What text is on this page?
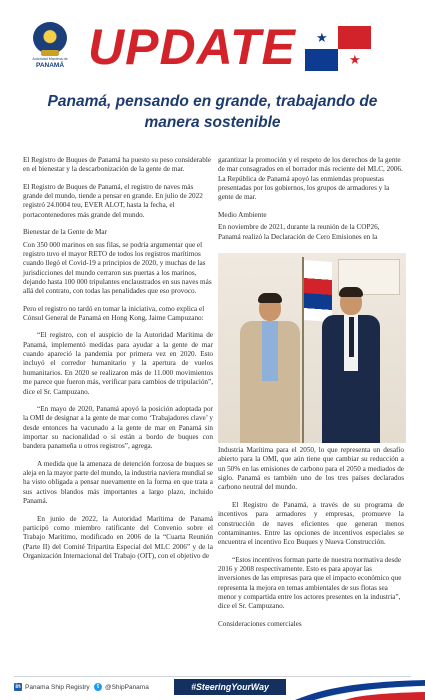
Autoridad Marítima de
PANAMÁ UPDATE ★
★
Panamá, pensando en grande, trabajando de manera sostenible

El Registro de Buques de Panamá ha puesto su peso considerable en el bienestar y la descarbonización de la gente de mar.

El Registro de Buques de Panamá, el registro de naves más grande del mundo, tiende a pensar en grande. En julio de 2022 registró 24.0004 teu, EVER ALOT, hasta la fecha, el portacontenedores más grande del mundo.

Bienestar de la Gente de Mar

Con 350 000 marinos en sus filas, se podría argumentar que el registro tuvo el mayor RETO de todos los registros marítimos cuando llegó el Covid-19 a principios de 2020, y muchas de las jurisdicciones del mundo cerraron sus puertas a los marinos, dejando hasta 100 000 tripulantes enclaustrados en sus naves más allá del contrato, con todas las penalidades que eso provoco.

Pero el registro no tardó en tomar la iniciativa, como explica el Cónsul General de Panamá en Hong Kong, Jaime Campuzano:

“El registro, con el auspicio de la Autoridad Marítima de Panamá, implementó medidas para ayudar a la gente de mar cuando apareció la pandemia por primera vez en 2020. Esto incluyó el corredor humanitario y la apertura de vuelos humanitarios. En 2020 se realizaron más de 11.000 movimientos me parece que fueron más, verificar para cambios de tripulación”, dice el Sr. Campuzano.

“En mayo de 2020, Panamá apoyó la posición adoptada por la OMI de designar a la gente de mar como ‘Trabajadores clave’ y desde entonces ha vacunado a la gente de mar en Panamá sin importar su nacionalidad o si están a bordo de buques con bandera panameña u otros registros”, agrega.

A medida que la amenaza de detención forzosa de buques se aleja en la mayor parte del mundo, la industria naviera mundial se ha visto obligada a pensar nuevamente en la forma en que trata a sus activos blandos más importantes a largo plazo, incluido Panamá.

En junio de 2022, la Autoridad Marítima de Panamá participó como miembro ratificante del Convenio sobre el Trabajo Marítimo, modificado en 2006 de la “Cuarta Reunión (Parte II) del Comité Tripartita Especial del MLC 2006” y de la Organización Internacional del Trabajo (OIT), con el objetivo de

garantizar la promoción y el respeto de los derechos de la gente de mar consagrados en el borrador más reciente del MLC, 2006. La República de Panamá apoyó las enmiendas propuestas presentadas por los gobiernos, los grupos de armadores y la gente de mar.

Medio Ambiente

En noviembre de 2021, durante la reunión de la COP26, Panamá realizó la Declaración de Cero Emisiones en la

Industria Marítima para el 2050, lo que representa un desafío abierto para la OMI, que aún tiene que cambiar su reducción a un 50% en las emisiones de carbono para el 2050 a mediados de siglo. Panamá es también uno de los tres países declarados carbono neutral del mundo.

El Registro de Panamá, a través de su programa de incentivos para armadores y empresas, promueve la construcción de naves eficientes que generan menos contaminantes. Entre las opciones de incentivos especiales se encuentra el incentivo Eco Buques y Nueva Construcción.

“Estos incentivos forman parte de nuestra normativa desde 2016 y 2008 respectivamente. Esto es para apoyar las inversiones de las empresas para que el impacto económico que representa la mejora en temas ambientales de sus flotas sea menor y compartida entre los actores presentes en la industria”, dice el Sr. Campuzano.

Consideraciones comerciales

in Panama Ship Registry	t @ShipPanama	#SteeringYourWay
